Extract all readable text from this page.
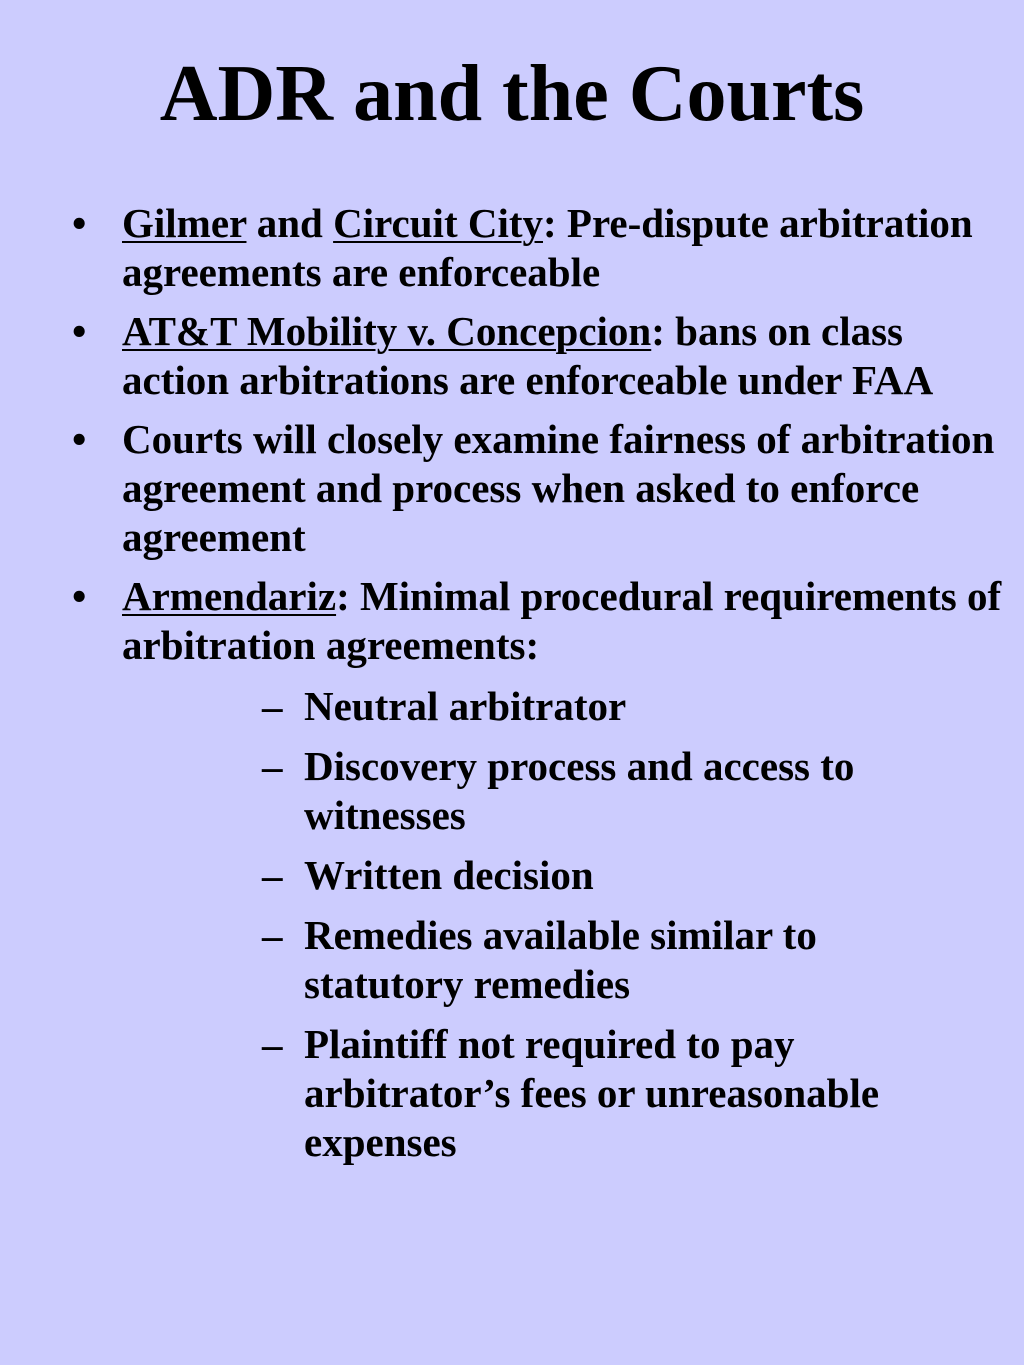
ADR and the Courts
• Gilmer and Circuit City: Pre-dispute arbitration agreements are enforceable
• AT&T Mobility v. Concepcion: bans on class action arbitrations are enforceable under FAA
• Courts will closely examine fairness of arbitration agreement and process when asked to enforce agreement
• Armendariz: Minimal procedural requirements of arbitration agreements:
– Neutral arbitrator
– Discovery process and access to witnesses
– Written decision
– Remedies available similar to statutory remedies
– Plaintiff not required to pay arbitrator’s fees or unreasonable expenses
